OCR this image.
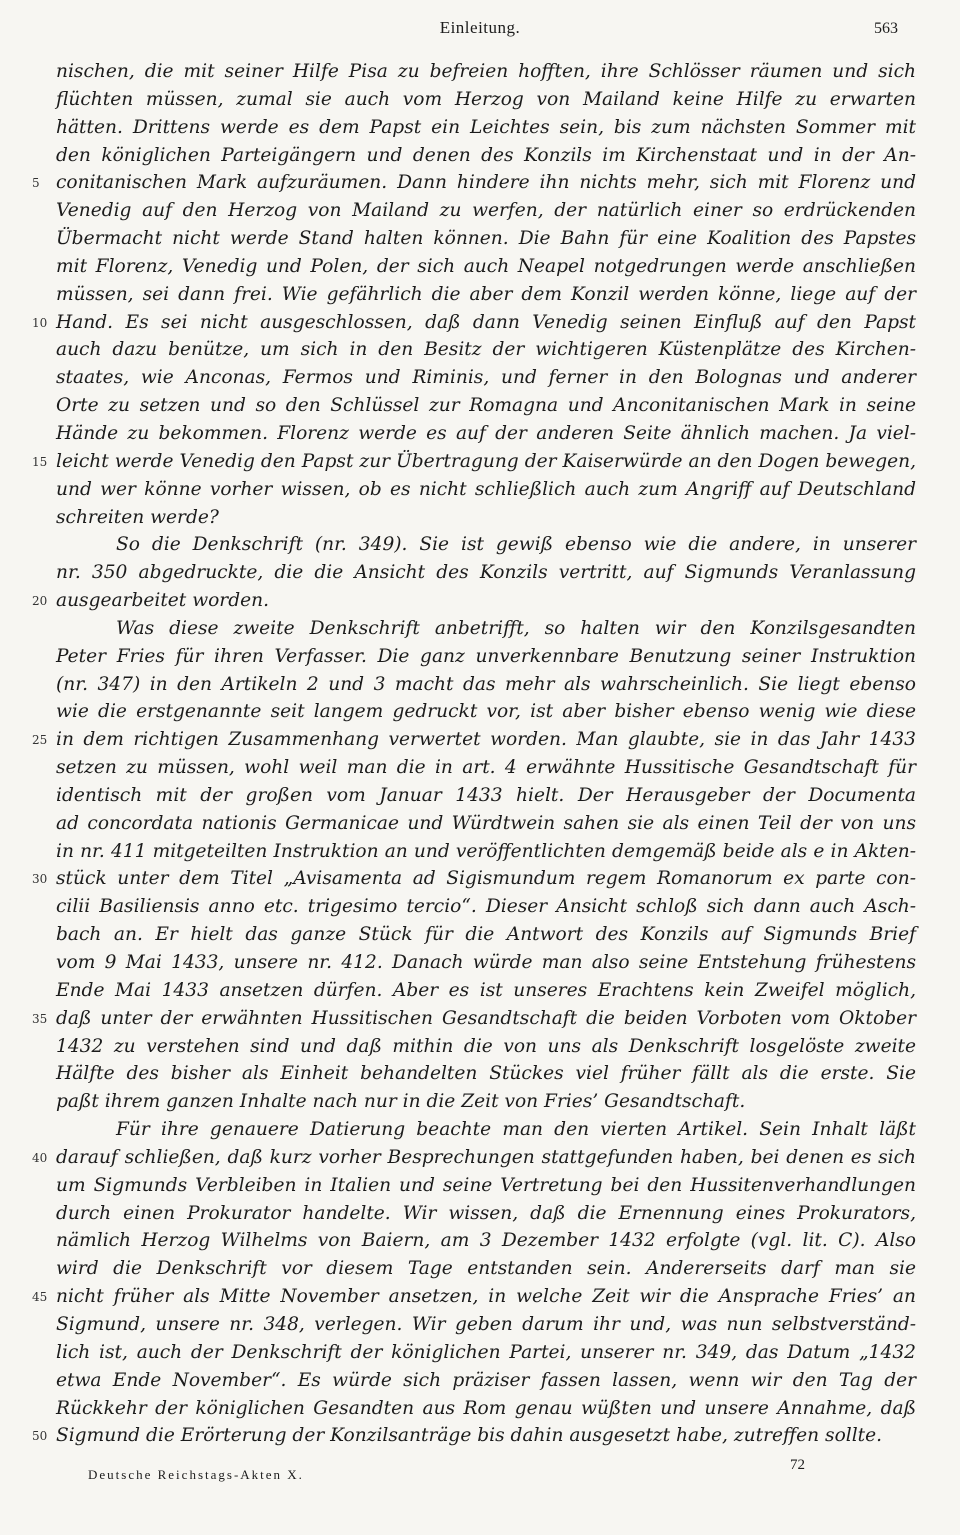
Einleitung.	563
nischen, die mit seiner Hilfe Pisa zu befreien hofften, ihre Schlösser räumen und sich
flüchten müssen, zumal sie auch vom Herzog von Mailand keine Hilfe zu erwarten
hätten. Drittens werde es dem Papst ein Leichtes sein, bis zum nächsten Sommer mit
den königlichen Parteigängern und denen des Konzils im Kirchenstaat und in der An-
5 conitanischen Mark aufzuräumen. Dann hindere ihn nichts mehr, sich mit Florenz und
Venedig auf den Herzog von Mailand zu werfen, der natürlich einer so erdrückenden
Übermacht nicht werde Stand halten können. Die Bahn für eine Koalition des Papstes
mit Florenz, Venedig und Polen, der sich auch Neapel notgedrungen werde anschließen
müssen, sei dann frei. Wie gefährlich die aber dem Konzil werden könne, liege auf der
10 Hand. Es sei nicht ausgeschlossen, daß dann Venedig seinen Einfluß auf den Papst
auch dazu benütze, um sich in den Besitz der wichtigeren Küstenplätze des Kirchen-
staates, wie Anconas, Fermos und Riminis, und ferner in den Bolognas und anderer
Orte zu setzen und so den Schlüssel zur Romagna und Anconitanischen Mark in seine
Hände zu bekommen. Florenz werde es auf der anderen Seite ähnlich machen. Ja viel-
15 leicht werde Venedig den Papst zur Übertragung der Kaiserwürde an den Dogen bewegen,
und wer könne vorher wissen, ob es nicht schließlich auch zum Angriff auf Deutschland
schreiten werde?
So die Denkschrift (nr. 349). Sie ist gewiß ebenso wie die andere, in unserer
nr. 350 abgedruckte, die die Ansicht des Konzils vertritt, auf Sigmunds Veranlassung
20 ausgearbeitet worden.
Was diese zweite Denkschrift anbetrifft, so halten wir den Konzilsgesandten
Peter Fries für ihren Verfasser. Die ganz unverkennbare Benutzung seiner Instruktion
(nr. 347) in den Artikeln 2 und 3 macht das mehr als wahrscheinlich. Sie liegt ebenso
wie die erstgenannte seit langem gedruckt vor, ist aber bisher ebenso wenig wie diese
25 in dem richtigen Zusammenhang verwertet worden. Man glaubte, sie in das Jahr 1433
setzen zu müssen, wohl weil man die in art. 4 erwähnte Hussitische Gesandtschaft für
identisch mit der großen vom Januar 1433 hielt. Der Herausgeber der Documenta
ad concordata nationis Germanicae und Würdtwein sahen sie als einen Teil der von uns
in nr. 411 mitgeteilten Instruktion an und veröffentlichten demgemäß beide als e in Akten-
30 stück unter dem Titel „Avisamenta ad Sigismundum regem Romanorum ex parte con-
cilii Basiliensis anno etc. trigesimo tercio“. Dieser Ansicht schloß sich dann auch Asch-
bach an. Er hielt das ganze Stück für die Antwort des Konzils auf Sigmunds Brief
vom 9 Mai 1433, unsere nr. 412. Danach würde man also seine Entstehung frühestens
Ende Mai 1433 ansetzen dürfen. Aber es ist unseres Erachtens kein Zweifel möglich,
35 daß unter der erwähnten Hussitischen Gesandtschaft die beiden Vorboten vom Oktober
1432 zu verstehen sind und daß mithin die von uns als Denkschrift losgelöste zweite
Hälfte des bisher als Einheit behandelten Stückes viel früher fällt als die erste. Sie
paßt ihrem ganzen Inhalte nach nur in die Zeit von Fries’ Gesandtschaft.
Für ihre genauere Datierung beachte man den vierten Artikel. Sein Inhalt läßt
40 darauf schließen, daß kurz vorher Besprechungen stattgefunden haben, bei denen es sich
um Sigmunds Verbleiben in Italien und seine Vertretung bei den Hussitenverhandlungen
durch einen Prokurator handelte. Wir wissen, daß die Ernennung eines Prokurators,
nämlich Herzog Wilhelms von Baiern, am 3 Dezember 1432 erfolgte (vgl. lit. C). Also
wird die Denkschrift vor diesem Tage entstanden sein. Andererseits darf man sie
45 nicht früher als Mitte November ansetzen, in welche Zeit wir die Ansprache Fries’ an
Sigmund, unsere nr. 348, verlegen. Wir geben darum ihr und, was nun selbstverständ-
lich ist, auch der Denkschrift der königlichen Partei, unserer nr. 349, das Datum „1432
etwa Ende November“. Es würde sich präziser fassen lassen, wenn wir den Tag der
Rückkehr der königlichen Gesandten aus Rom genau wüßten und unsere Annahme, daß
50 Sigmund die Erörterung der Konzilsanträge bis dahin ausgesetzt habe, zutreffen sollte.
Deutsche Reichstags-Akten X.
72
